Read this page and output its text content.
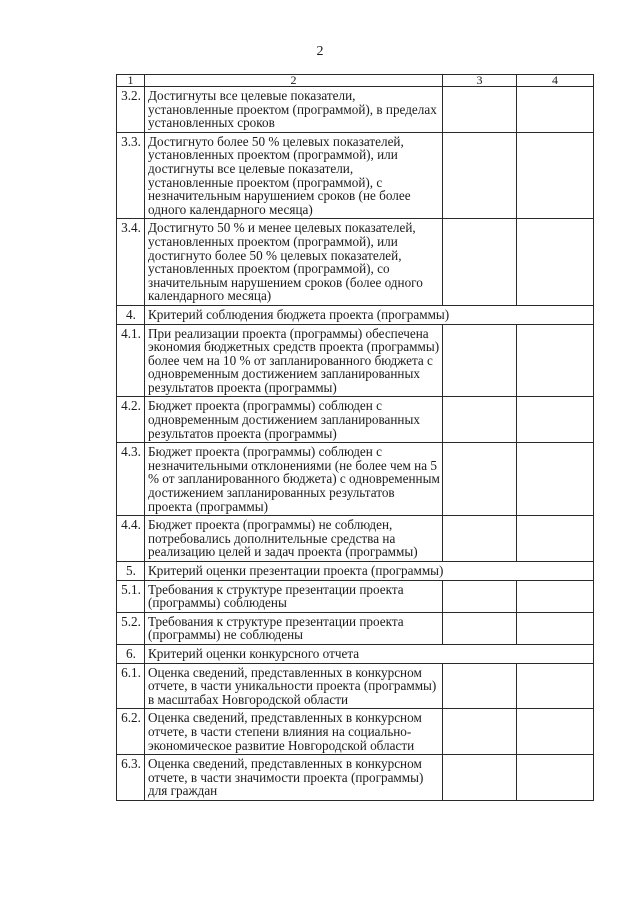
2
1	2	3	4
3.2.	Достигнуты все целевые показатели, установленные проектом (программой), в пределах установленных сроков		
3.3.	Достигнуто более 50 % целевых показателей, установленных проектом (программой), или достигнуты все целевые показатели, установленные проектом (программой), с незначительным нарушением сроков (не более одного календарного месяца)		
3.4.	Достигнуто 50 % и менее целевых показателей, установленных проектом (программой), или достигнуто более 50 % целевых показателей, установленных проектом (программой), со значительным нарушением сроков (более одного календарного месяца)		
4.	Критерий соблюдения бюджета проекта (программы)		
4.1.	При реализации проекта (программы) обеспечена экономия бюджетных средств проекта (программы) более чем на 10 % от запланированного бюджета с одновременным достижением запланированных результатов проекта (программы)		
4.2.	Бюджет проекта (программы) соблюден с одновременным достижением запланированных результатов проекта (программы)		
4.3.	Бюджет проекта (программы) соблюден с незначительными отклонениями (не более чем на 5 % от запланированного бюджета) с одновременным достижением запланированных результатов проекта (программы)		
4.4.	Бюджет проекта (программы) не соблюден, потребовались дополнительные средства на реализацию целей и задач проекта (программы)		
5.	Критерий оценки презентации проекта (программы)		
5.1.	Требования к структуре презентации проекта (программы) соблюдены		
5.2.	Требования к структуре презентации проекта (программы) не соблюдены		
6.	Критерий оценки конкурсного отчета		
6.1.	Оценка сведений, представленных в конкурсном отчете, в части уникальности проекта (программы) в масштабах Новгородской области		
6.2.	Оценка сведений, представленных в конкурсном отчете, в части степени влияния на социально-экономическое развитие Новгородской области		
6.3.	Оценка сведений, представленных в конкурсном отчете, в части значимости проекта (программы) для граждан		
